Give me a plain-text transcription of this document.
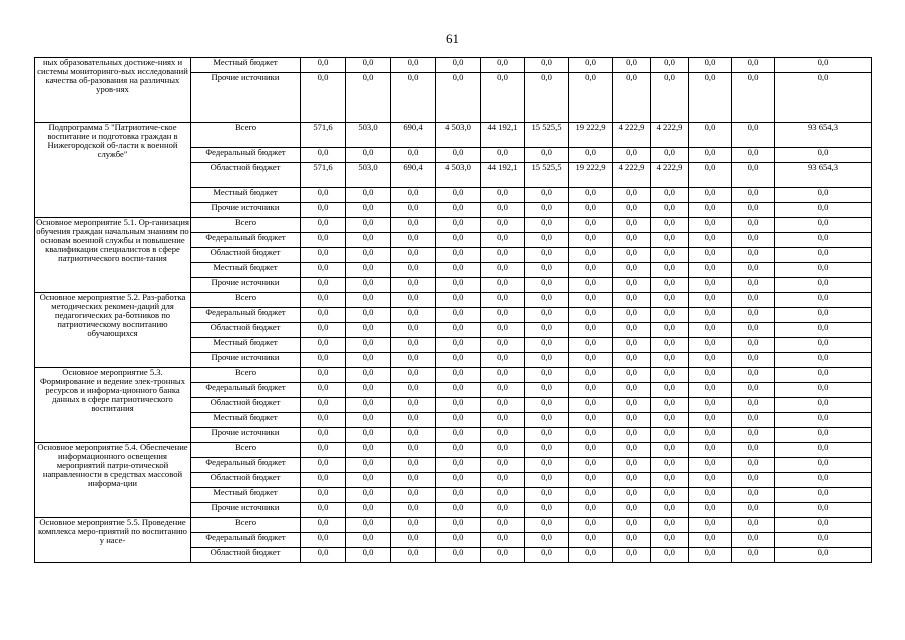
61
ных образовательных достиже-ниях и системы мониторинго-вых исследований качества об-разования на различных уров-нях	Местный бюджет	0,0	0,0	0,0	0,0	0,0	0,0	0,0	0,0	0,0	0,0	0,0	0,0
	Прочие источники	0,0	0,0	0,0	0,0	0,0	0,0	0,0	0,0	0,0	0,0	0,0	0,0
Подпрограмма 5 "Патриотиче-ское воспитание и подготовка граждан в Нижегородской об-ласти к военной службе"	Всего	571,6	503,0	690,4	4 503,0	44 192,1	15 525,5	19 222,9	4 222,9	4 222,9	0,0	0,0	93 654,3
	Федеральный бюджет	0,0	0,0	0,0	0,0	0,0	0,0	0,0	0,0	0,0	0,0	0,0	0,0
	Областной бюджет	571,6	503,0	690,4	4 503,0	44 192,1	15 525,5	19 222,9	4 222,9	4 222,9	0,0	0,0	93 654,3
	Местный бюджет	0,0	0,0	0,0	0,0	0,0	0,0	0,0	0,0	0,0	0,0	0,0	0,0
	Прочие источники	0,0	0,0	0,0	0,0	0,0	0,0	0,0	0,0	0,0	0,0	0,0	0,0
Основное мероприятие 5.1. Ор-ганизация обучения граждан начальным знаниям по основам военной службы и повышение квалификации специалистов в сфере патриотического воспи-тания	Всего	0,0	0,0	0,0	0,0	0,0	0,0	0,0	0,0	0,0	0,0	0,0	0,0
	Федеральный бюджет	0,0	0,0	0,0	0,0	0,0	0,0	0,0	0,0	0,0	0,0	0,0	0,0
	Областной бюджет	0,0	0,0	0,0	0,0	0,0	0,0	0,0	0,0	0,0	0,0	0,0	0,0
	Местный бюджет	0,0	0,0	0,0	0,0	0,0	0,0	0,0	0,0	0,0	0,0	0,0	0,0
	Прочие источники	0,0	0,0	0,0	0,0	0,0	0,0	0,0	0,0	0,0	0,0	0,0	0,0
Основное мероприятие 5.2. Раз-работка методических рекомен-даций для педагогических ра-ботников по патриотическому воспитанию обучающихся	Всего	0,0	0,0	0,0	0,0	0,0	0,0	0,0	0,0	0,0	0,0	0,0	0,0
	Федеральный бюджет	0,0	0,0	0,0	0,0	0,0	0,0	0,0	0,0	0,0	0,0	0,0	0,0
	Областной бюджет	0,0	0,0	0,0	0,0	0,0	0,0	0,0	0,0	0,0	0,0	0,0	0,0
	Местный бюджет	0,0	0,0	0,0	0,0	0,0	0,0	0,0	0,0	0,0	0,0	0,0	0,0
	Прочие источники	0,0	0,0	0,0	0,0	0,0	0,0	0,0	0,0	0,0	0,0	0,0	0,0
Основное мероприятие 5.3. Формирование и ведение элек-тронных ресурсов и информа-ционного банка данных в сфере патриотического воспитания	Всего	0,0	0,0	0,0	0,0	0,0	0,0	0,0	0,0	0,0	0,0	0,0	0,0
	Федеральный бюджет	0,0	0,0	0,0	0,0	0,0	0,0	0,0	0,0	0,0	0,0	0,0	0,0
	Областной бюджет	0,0	0,0	0,0	0,0	0,0	0,0	0,0	0,0	0,0	0,0	0,0	0,0
	Местный бюджет	0,0	0,0	0,0	0,0	0,0	0,0	0,0	0,0	0,0	0,0	0,0	0,0
	Прочие источники	0,0	0,0	0,0	0,0	0,0	0,0	0,0	0,0	0,0	0,0	0,0	0,0
Основное мероприятие 5.4. Обеспечение информационного освещения мероприятий патри-отической направленности в средствах массовой информа-ции	Всего	0,0	0,0	0,0	0,0	0,0	0,0	0,0	0,0	0,0	0,0	0,0	0,0
	Федеральный бюджет	0,0	0,0	0,0	0,0	0,0	0,0	0,0	0,0	0,0	0,0	0,0	0,0
	Областной бюджет	0,0	0,0	0,0	0,0	0,0	0,0	0,0	0,0	0,0	0,0	0,0	0,0
	Местный бюджет	0,0	0,0	0,0	0,0	0,0	0,0	0,0	0,0	0,0	0,0	0,0	0,0
	Прочие источники	0,0	0,0	0,0	0,0	0,0	0,0	0,0	0,0	0,0	0,0	0,0	0,0
Основное мероприятие 5.5. Проведение комплекса меро-приятий по воспитанию у насе-	Всего	0,0	0,0	0,0	0,0	0,0	0,0	0,0	0,0	0,0	0,0	0,0	0,0
	Федеральный бюджет	0,0	0,0	0,0	0,0	0,0	0,0	0,0	0,0	0,0	0,0	0,0	0,0
	Областной бюджет	0,0	0,0	0,0	0,0	0,0	0,0	0,0	0,0	0,0	0,0	0,0	0,0
